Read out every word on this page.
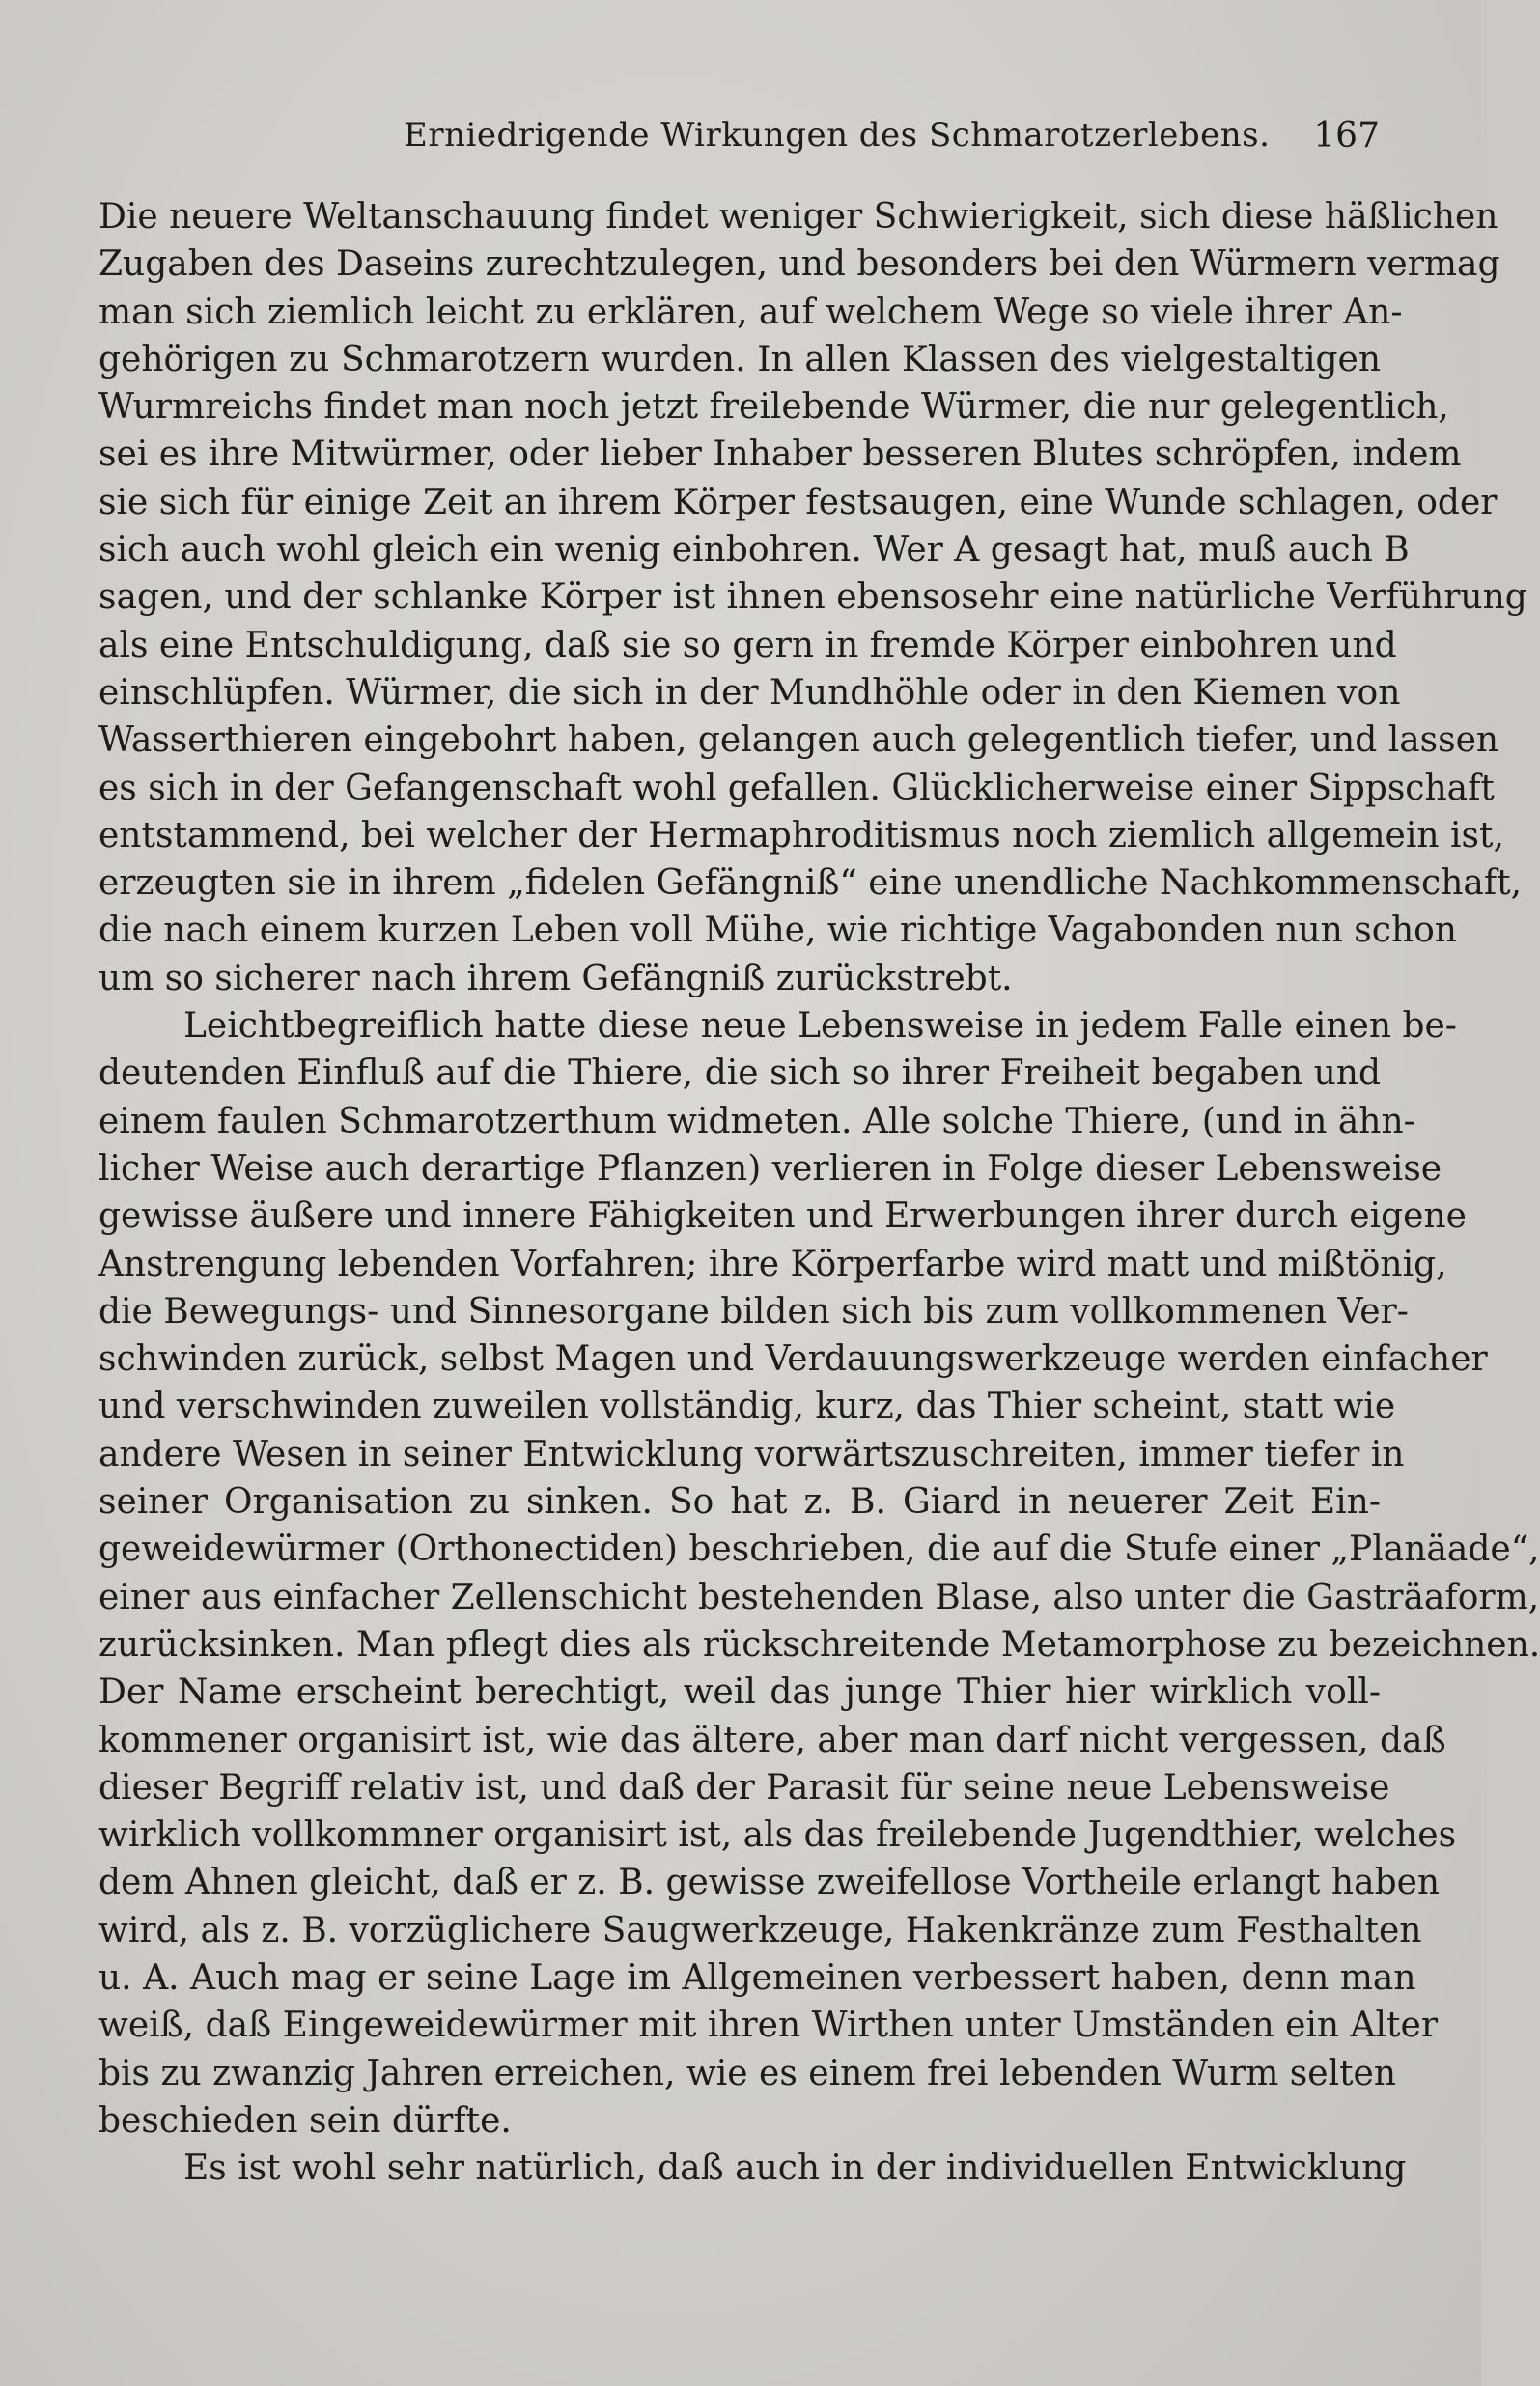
Erniedrigende Wirkungen des Schmarotzerlebens. 167
Die neuere Weltanschauung findet weniger Schwierigkeit, sich diese häßlichen
Zugaben des Daseins zurechtzulegen, und besonders bei den Würmern vermag
man sich ziemlich leicht zu erklären, auf welchem Wege so viele ihrer An-
gehörigen zu Schmarotzern wurden. In allen Klassen des vielgestaltigen
Wurmreichs findet man noch jetzt freilebende Würmer, die nur gelegentlich,
sei es ihre Mitwürmer, oder lieber Inhaber besseren Blutes schröpfen, indem
sie sich für einige Zeit an ihrem Körper festsaugen, eine Wunde schlagen, oder
sich auch wohl gleich ein wenig einbohren. Wer A gesagt hat, muß auch B
sagen, und der schlanke Körper ist ihnen ebensosehr eine natürliche Verführung
als eine Entschuldigung, daß sie so gern in fremde Körper einbohren und
einschlüpfen. Würmer, die sich in der Mundhöhle oder in den Kiemen von
Wasserthieren eingebohrt haben, gelangen auch gelegentlich tiefer, und lassen
es sich in der Gefangenschaft wohl gefallen. Glücklicherweise einer Sippschaft
entstammend, bei welcher der Hermaphroditismus noch ziemlich allgemein ist,
erzeugten sie in ihrem „fidelen Gefängniß“ eine unendliche Nachkommenschaft,
die nach einem kurzen Leben voll Mühe, wie richtige Vagabonden nun schon
um so sicherer nach ihrem Gefängniß zurückstrebt.
Leichtbegreiflich hatte diese neue Lebensweise in jedem Falle einen be-
deutenden Einfluß auf die Thiere, die sich so ihrer Freiheit begaben und
einem faulen Schmarotzerthum widmeten. Alle solche Thiere, (und in ähn-
licher Weise auch derartige Pflanzen) verlieren in Folge dieser Lebensweise
gewisse äußere und innere Fähigkeiten und Erwerbungen ihrer durch eigene
Anstrengung lebenden Vorfahren; ihre Körperfarbe wird matt und mißtönig,
die Bewegungs- und Sinnesorgane bilden sich bis zum vollkommenen Ver-
schwinden zurück, selbst Magen und Verdauungswerkzeuge werden einfacher
und verschwinden zuweilen vollständig, kurz, das Thier scheint, statt wie
andere Wesen in seiner Entwicklung vorwärtszuschreiten, immer tiefer in
seiner Organisation zu sinken. So hat z. B. Giard in neuerer Zeit Ein-
geweidewürmer (Orthonectiden) beschrieben, die auf die Stufe einer „Planäade“,
einer aus einfacher Zellenschicht bestehenden Blase, also unter die Gasträaform,
zurücksinken. Man pflegt dies als rückschreitende Metamorphose zu bezeichnen.
Der Name erscheint berechtigt, weil das junge Thier hier wirklich voll-
kommener organisirt ist, wie das ältere, aber man darf nicht vergessen, daß
dieser Begriff relativ ist, und daß der Parasit für seine neue Lebensweise
wirklich vollkommner organisirt ist, als das freilebende Jugendthier, welches
dem Ahnen gleicht, daß er z. B. gewisse zweifellose Vortheile erlangt haben
wird, als z. B. vorzüglichere Saugwerkzeuge, Hakenkränze zum Festhalten
u. A. Auch mag er seine Lage im Allgemeinen verbessert haben, denn man
weiß, daß Eingeweidewürmer mit ihren Wirthen unter Umständen ein Alter
bis zu zwanzig Jahren erreichen, wie es einem frei lebenden Wurm selten
beschieden sein dürfte.
Es ist wohl sehr natürlich, daß auch in der individuellen Entwicklung
